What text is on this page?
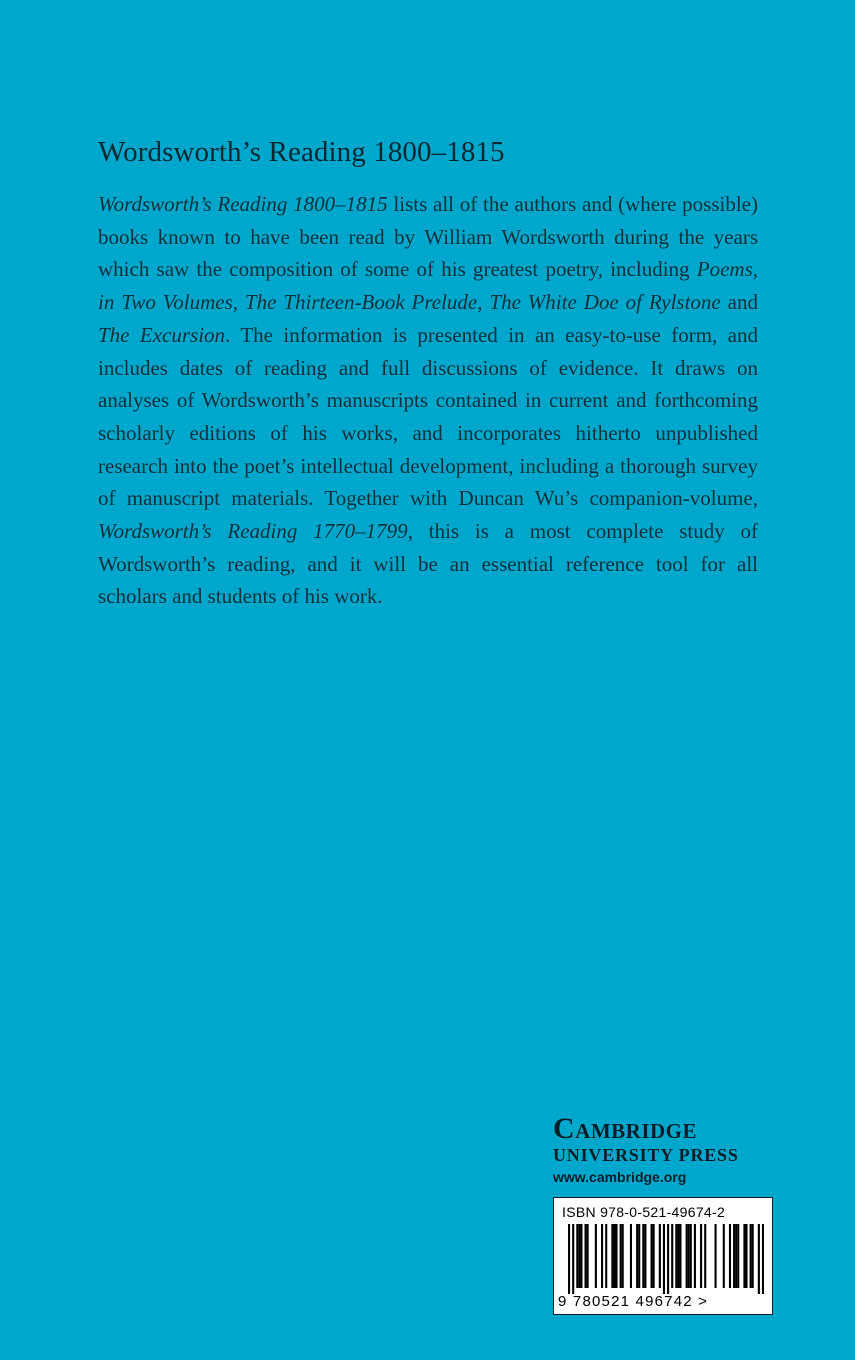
Wordsworth’s Reading 1800–1815
Wordsworth’s Reading 1800–1815 lists all of the authors and (where possible) books known to have been read by William Wordsworth during the years which saw the composition of some of his greatest poetry, including Poems, in Two Volumes, The Thirteen-Book Prelude, The White Doe of Rylstone and The Excursion. The information is presented in an easy-to-use form, and includes dates of reading and full discussions of evidence. It draws on analyses of Wordsworth’s manuscripts contained in current and forthcoming scholarly editions of his works, and incorporates hitherto unpublished research into the poet’s intellectual development, including a thorough survey of manuscript materials. Together with Duncan Wu’s companion-volume, Wordsworth’s Reading 1770–1799, this is a most complete study of Wordsworth’s reading, and it will be an essential reference tool for all scholars and students of his work.
Cambridge
UNIVERSITY PRESS
www.cambridge.org
ISBN 978-0-521-49674-2
9 780521 496742 >
